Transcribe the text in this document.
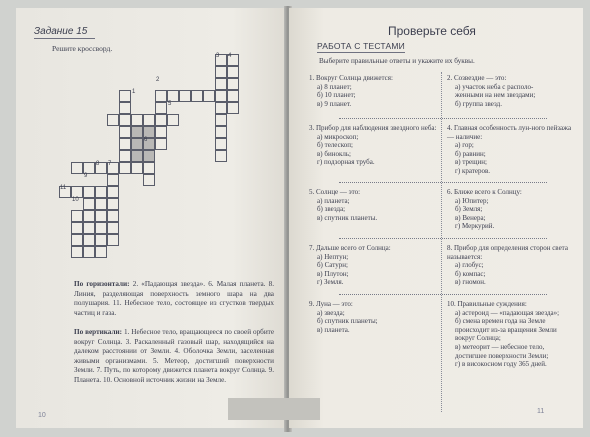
Задание 15
Решите кроссворд.
1
2
3 4
5
6
7
8
9
10
11
По горизонтали: 2. «Падающая звезда». 6. Малая планета. 8. Линия, разделяющая поверхность земного шара на два полушария. 11. Небесное тело, состоящее из сгустков твердых частиц и газа.
По вертикали: 1. Небесное тело, вращающееся по своей орбите вокруг Солнца. 3. Раскаленный газовый шар, находящийся на далеком расстоянии от Земли. 4. Оболочка Земли, заселенная живыми организмами. 5. Метеор, достигший поверхности Земли. 7. Путь, по которому движется планета вокруг Солнца. 9. Планета. 10. Основной источник жизни на Земле.
10
Проверьте себя
РАБОТА С ТЕСТАМИ
Выберите правильные ответы и укажите их буквы.
1. Вокруг Солнца движется:
а) 8 планет;
б) 10 планет;
в) 9 планет.
2. Созвездие — это:
а) участок неба с располо-
женными на нем звездами;
б) группа звезд.
3. Прибор для наблюдения звездного неба:
а) микроскоп;
б) телескоп;
в) бинокль;
г) подзорная труба.
4. Главная особенность лун-ного пейзажа — наличие:
а) гор;
б) равнин;
в) трещин;
г) кратеров.
5. Солнце — это:
а) планета;
б) звезда;
в) спутник планеты.
6. Ближе всего к Солнцу:
а) Юпитер;
б) Земля;
в) Венера;
г) Меркурий.
7. Дальше всего от Солнца:
а) Нептун;
б) Сатурн;
в) Плутон;
г) Земля.
8. Прибор для определения сторон света называется:
а) глобус;
б) компас;
в) гномон.
9. Луна — это:
а) звезда;
б) спутник планеты;
в) планета.
10. Правильные суждения:
а) астероид — «падающая звезда»;
б) смена времен года на Земле происходит из-за вращения Земли вокруг Солнца;
в) метеорит — небесное тело, достигшее поверхности Земли;
г) в високосном году 365 дней.
11
